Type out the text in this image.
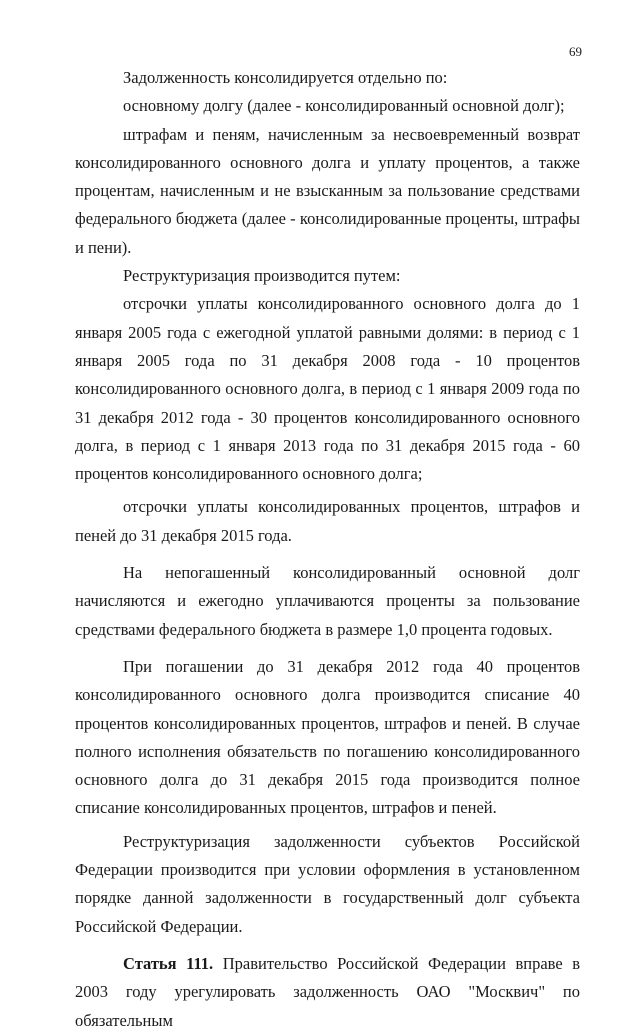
69

Задолженность консолидируется отдельно по:

основному долгу (далее - консолидированный основной долг);

штрафам и пеням, начисленным за несвоевременный возврат консолидированного основного долга и уплату процентов, а также процентам, начисленным и не взысканным за пользование средствами федерального бюджета (далее - консолидированные проценты, штрафы и пени).

Реструктуризация производится путем:

отсрочки уплаты консолидированного основного долга до 1 января 2005 года с ежегодной уплатой равными долями: в период с 1 января 2005 года по 31 декабря 2008 года - 10 процентов консолидированного основного долга, в период с 1 января 2009 года по 31 декабря 2012 года - 30 процентов консолидированного основного долга, в период с 1 января 2013 года по 31 декабря 2015 года - 60 процентов консолидированного основного долга;

отсрочки уплаты консолидированных процентов, штрафов и пеней до 31 декабря 2015 года.

На непогашенный консолидированный основной долг начисляются и ежегодно уплачиваются проценты за пользование средствами федерального бюджета в размере 1,0 процента годовых.

При погашении до 31 декабря 2012 года 40 процентов консолидированного основного долга производится списание 40 процентов консолидированных процентов, штрафов и пеней. В случае полного исполнения обязательств по погашению консолидированного основного долга до 31 декабря 2015 года производится полное списание консолидированных процентов, штрафов и пеней.

Реструктуризация задолженности субъектов Российской Федерации производится при условии оформления в установленном порядке данной задолженности в государственный долг субъекта Российской Федерации.

Статья 111. Правительство Российской Федерации вправе в 2003 году урегулировать задолженность ОАО "Москвич" по обязательным
